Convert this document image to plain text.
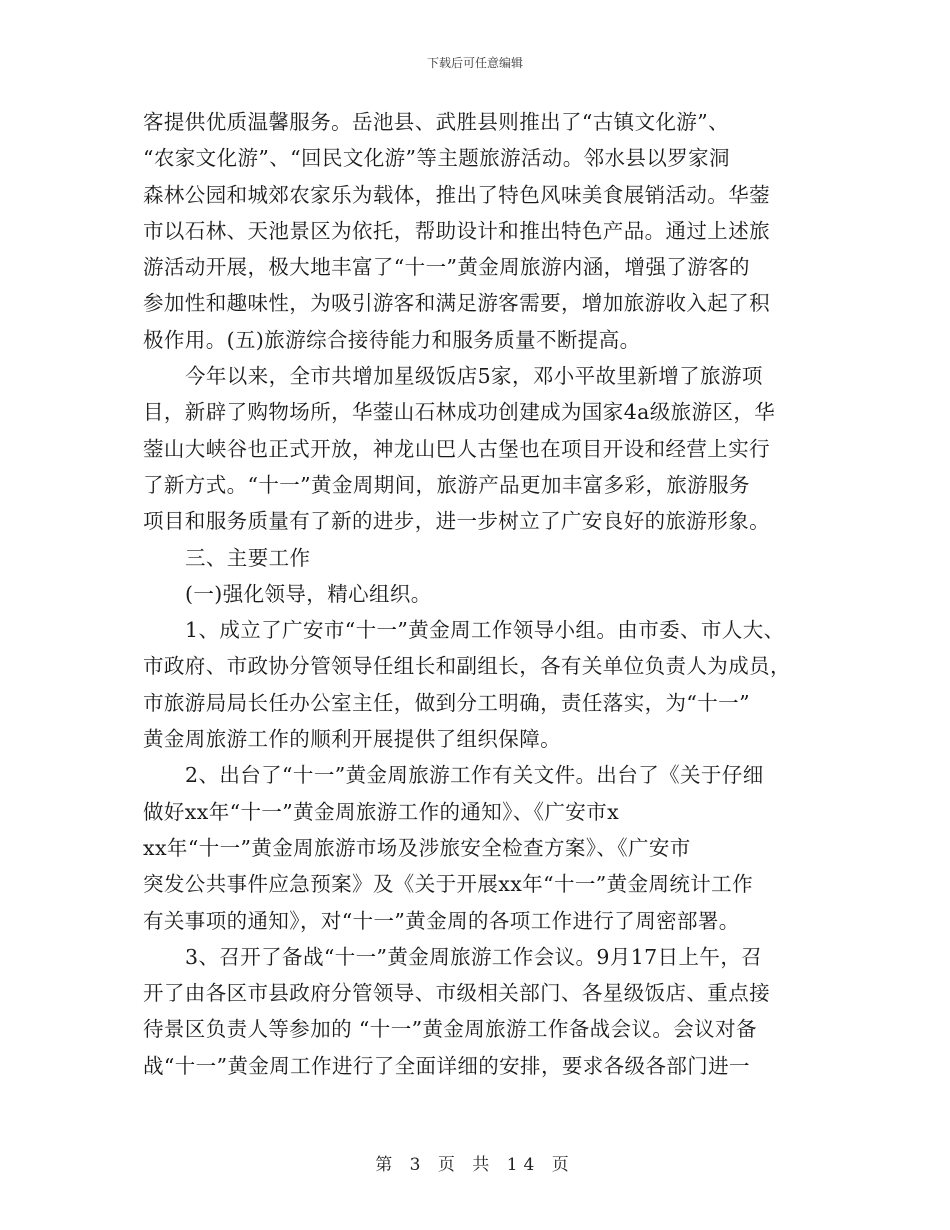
下载后可任意编辑
客提供优质温馨服务。岳池县、武胜县则推出了“古镇文化游”、
“农家文化游”、“回民文化游”等主题旅游活动。邻水县以罗家洞
森林公园和城郊农家乐为载体，推出了特色风味美食展销活动。华蓥
市以石林、天池景区为依托，帮助设计和推出特色产品。通过上述旅
游活动开展，极大地丰富了“十一”黄金周旅游内涵，增强了游客的
参加性和趣味性，为吸引游客和满足游客需要，增加旅游收入起了积
极作用。(五)旅游综合接待能力和服务质量不断提高。
今年以来，全市共增加星级饭店5家，邓小平故里新增了旅游项
目，新辟了购物场所，华蓥山石林成功创建成为国家4a级旅游区，华
蓥山大峡谷也正式开放，神龙山巴人古堡也在项目开设和经营上实行
了新方式。“十一”黄金周期间，旅游产品更加丰富多彩，旅游服务
项目和服务质量有了新的进步，进一步树立了广安良好的旅游形象。
三、主要工作
(一)强化领导，精心组织。
1、成立了广安市“十一”黄金周工作领导小组。由市委、市人大、
市政府、市政协分管领导任组长和副组长，各有关单位负责人为成员，
市旅游局局长任办公室主任，做到分工明确，责任落实，为“十一”
黄金周旅游工作的顺利开展提供了组织保障。
2、出台了“十一”黄金周旅游工作有关文件。出台了《关于仔细
做好xx年“十一”黄金周旅游工作的通知》、《广安市x
xx年“十一”黄金周旅游市场及涉旅安全检查方案》、《广安市
突发公共事件应急预案》及《关于开展xx年“十一”黄金周统计工作
有关事项的通知》，对“十一”黄金周的各项工作进行了周密部署。
3、召开了备战“十一”黄金周旅游工作会议。9月17日上午，召
开了由各区市县政府分管领导、市级相关部门、各星级饭店、重点接
待景区负责人等参加的 “十一”黄金周旅游工作备战会议。会议对备
战“十一”黄金周工作进行了全面详细的安排，要求各级各部门进一
第 3 页 共 14 页
